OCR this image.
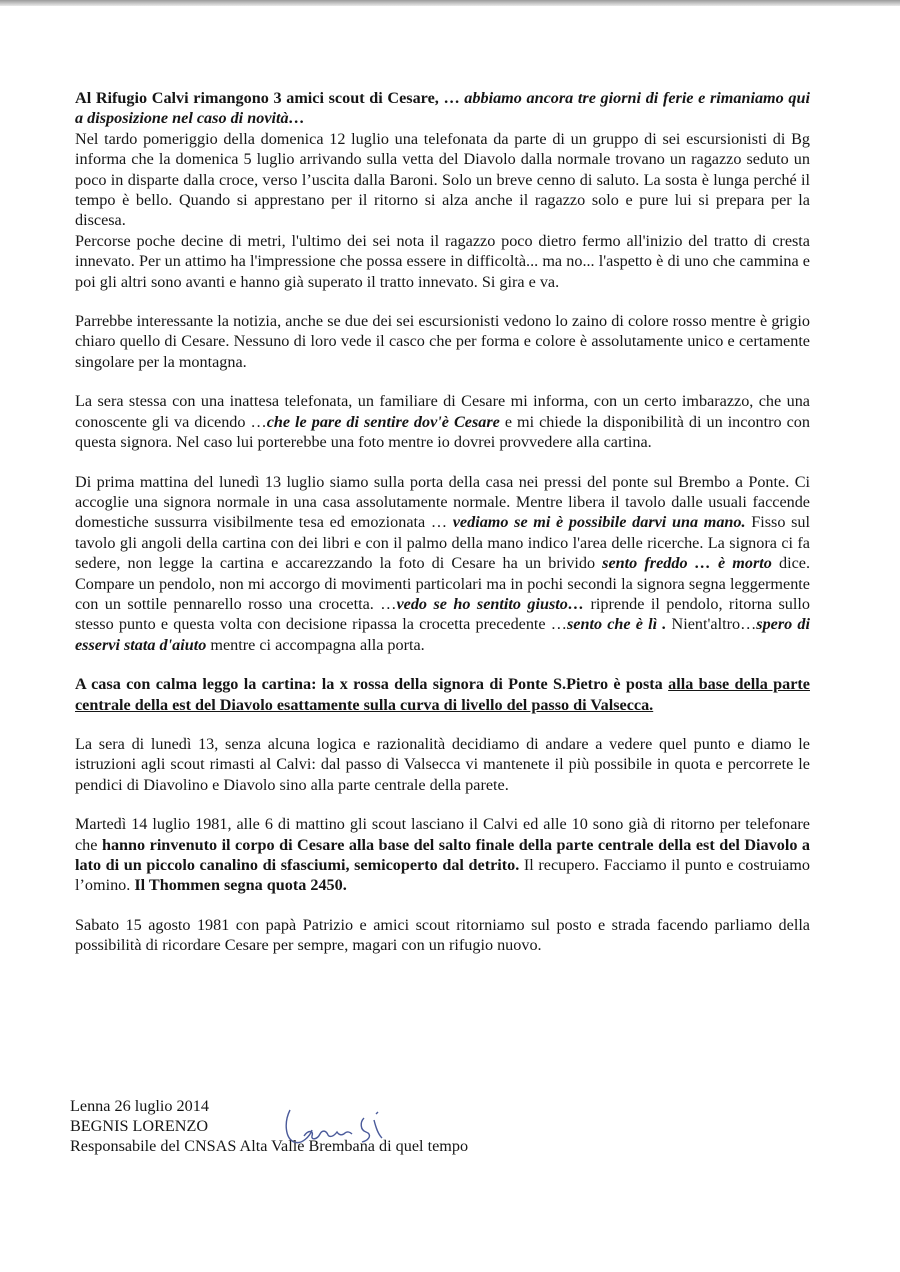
Al Rifugio Calvi rimangono 3 amici scout di Cesare, … abbiamo ancora tre giorni di ferie e rimaniamo qui a disposizione nel caso di novità…
Nel tardo pomeriggio della domenica 12 luglio una telefonata da parte di un gruppo di sei escursionisti di Bg informa che la domenica 5 luglio arrivando sulla vetta del Diavolo dalla normale trovano un ragazzo seduto un poco in disparte dalla croce, verso l’uscita dalla Baroni. Solo un breve cenno di saluto. La sosta è lunga perché il tempo è bello. Quando si apprestano per il ritorno si alza anche il ragazzo solo e pure lui si prepara per la discesa.
Percorse poche decine di metri, l'ultimo dei sei nota il ragazzo poco dietro fermo all'inizio del tratto di cresta innevato. Per un attimo ha l'impressione che possa essere in difficoltà... ma no... l'aspetto è di uno che cammina e poi gli altri sono avanti e hanno già superato il tratto innevato. Si gira e va.

Parrebbe interessante la notizia, anche se due dei sei escursionisti vedono lo zaino di colore rosso mentre è grigio chiaro quello di Cesare. Nessuno di loro vede il casco che per forma e colore è assolutamente unico e certamente singolare per la montagna.

La sera stessa con una inattesa telefonata, un familiare di Cesare mi informa, con un certo imbarazzo, che una conoscente gli va dicendo …che le pare di sentire dov'è Cesare e mi chiede la disponibilità di un incontro con questa signora. Nel caso lui porterebbe una foto mentre io dovrei provvedere alla cartina.

Di prima mattina del lunedì 13 luglio siamo sulla porta della casa nei pressi del ponte sul Brembo a Ponte. Ci accoglie una signora normale in una casa assolutamente normale. Mentre libera il tavolo dalle usuali faccende domestiche sussurra visibilmente tesa ed emozionata … vediamo se mi è possibile darvi una mano. Fisso sul tavolo gli angoli della cartina con dei libri e con il palmo della mano indico l'area delle ricerche. La signora ci fa sedere, non legge la cartina e accarezzando la foto di Cesare ha un brivido sento freddo … è morto dice. Compare un pendolo, non mi accorgo di movimenti particolari ma in pochi secondi la signora segna leggermente con un sottile pennarello rosso una crocetta. …vedo se ho sentito giusto… riprende il pendolo, ritorna sullo stesso punto e questa volta con decisione ripassa la crocetta precedente …sento che è lì . Nient'altro…spero di esservi stata d'aiuto mentre ci accompagna alla porta.

A casa con calma leggo la cartina: la x rossa della signora di Ponte S.Pietro è posta alla base della parte centrale della est del Diavolo esattamente sulla curva di livello del passo di Valsecca.

La sera di lunedì 13, senza alcuna logica e razionalità decidiamo di andare a vedere quel punto e diamo le istruzioni agli scout rimasti al Calvi: dal passo di Valsecca vi mantenete il più possibile in quota e percorrete le pendici di Diavolino e Diavolo sino alla parte centrale della parete.

Martedì 14 luglio 1981, alle 6 di mattino gli scout lasciano il Calvi ed alle 10 sono già di ritorno per telefonare che hanno rinvenuto il corpo di Cesare alla base del salto finale della parte centrale della est del Diavolo a lato di un piccolo canalino di sfasciumi, semicoperto dal detrito. Il recupero. Facciamo il punto e costruiamo l’omino. Il Thommen segna quota 2450.

Sabato 15 agosto 1981 con papà Patrizio e amici scout ritorniamo sul posto e strada facendo parliamo della possibilità di ricordare Cesare per sempre, magari con un rifugio nuovo.

Lenna 26 luglio 2014
BEGNIS LORENZO
Responsabile del CNSAS Alta Valle Brembana di quel tempo
